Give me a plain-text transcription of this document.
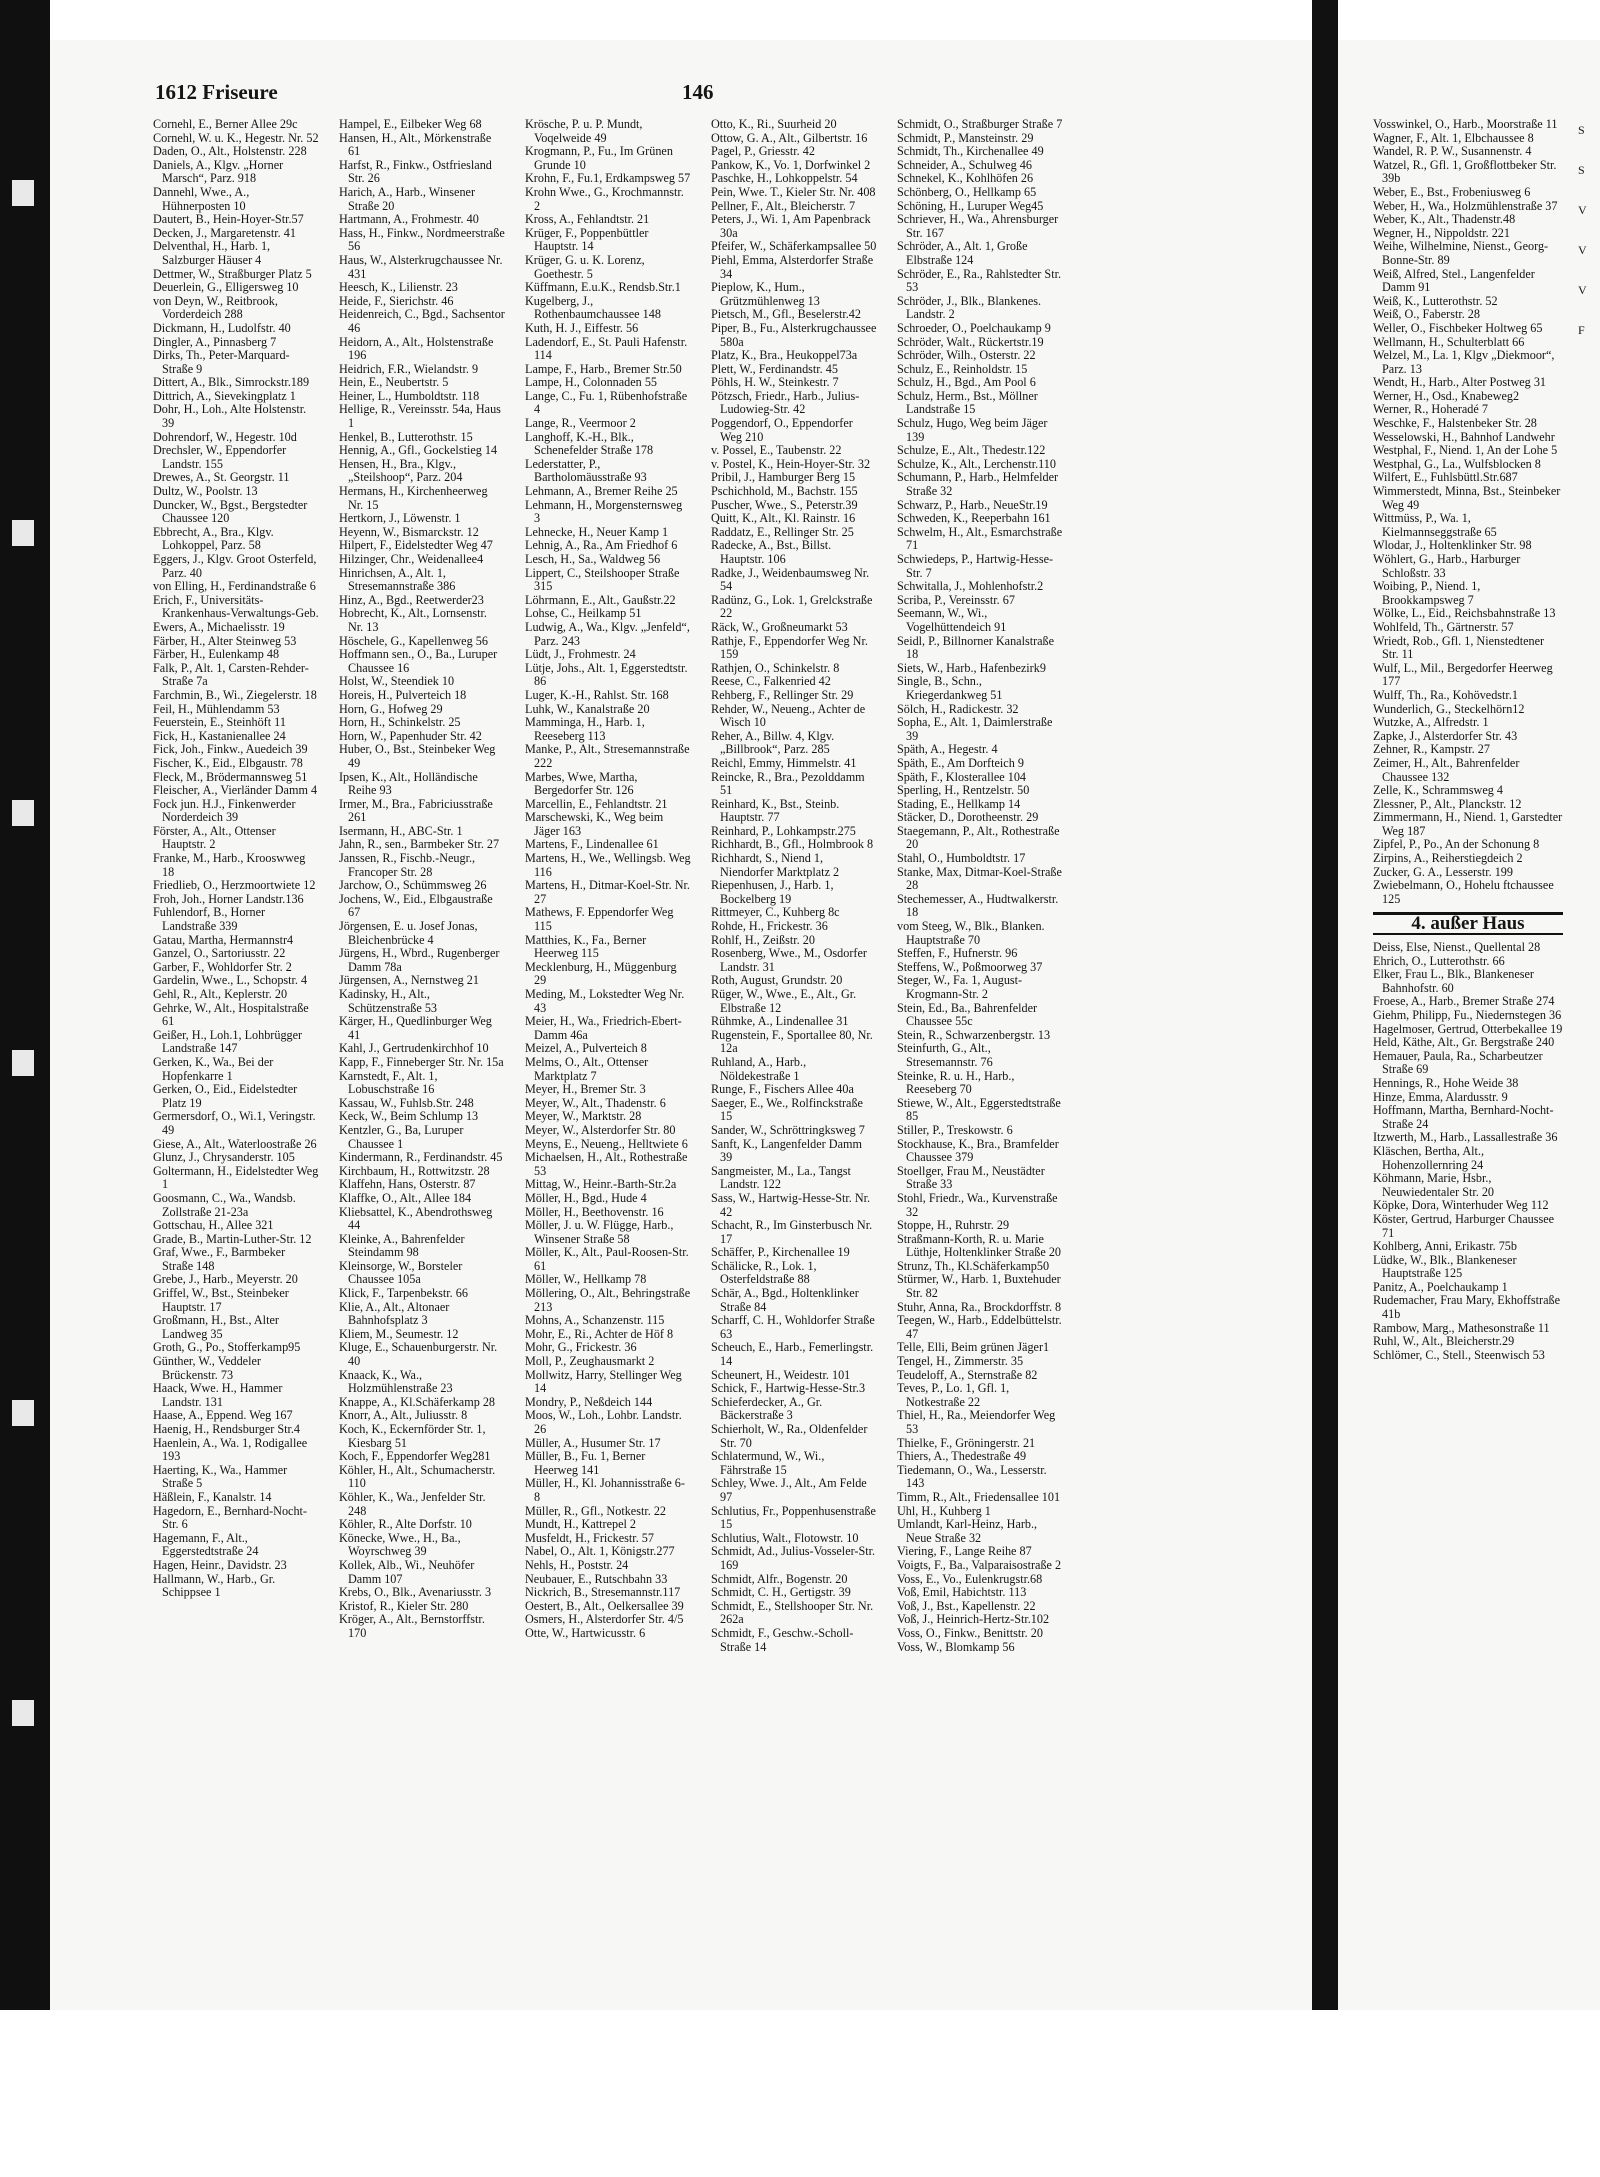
1612 Friseure	146
Cornehl, E., Berner Allee 29c
Cornehl, W. u. K., Hegestr. Nr. 52
Daden, O., Alt., Holstenstr. 228
Daniels, A., Klgv. „Horner Marsch“, Parz. 918
Dannehl, Wwe., A., Hühnerposten 10
Dautert, B., Hein-Hoyer-Str.57
Decken, J., Margaretenstr. 41
Delventhal, H., Harb. 1, Salzburger Häuser 4
Dettmer, W., Straßburger Platz 5
Deuerlein, G., Elligersweg 10
von Deyn, W., Reitbrook, Vorderdeich 288
Dickmann, H., Ludolfstr. 40
Dingler, A., Pinnasberg 7
Dirks, Th., Peter-Marquard-Straße 9
Dittert, A., Blk., Simrockstr.189
Dittrich, A., Sievekingplatz 1
Dohr, H., Loh., Alte Holstenstr. 39
Dohrendorf, W., Hegestr. 10d
Drechsler, W., Eppendorfer Landstr. 155
Drewes, A., St. Georgstr. 11
Dultz, W., Poolstr. 13
Duncker, W., Bgst., Bergstedter Chaussee 120
Ebbrecht, A., Bra., Klgv. Lohkoppel, Parz. 58
Eggers, J., Klgv. Groot Osterfeld, Parz. 40
von Elling, H., Ferdinandstraße 6
Erich, F., Universitäts-Krankenhaus-Verwaltungs-Geb.
Ewers, A., Michaelisstr. 19
Färber, H., Alter Steinweg 53
Färber, H., Eulenkamp 48
Falk, P., Alt. 1, Carsten-Rehder-Straße 7a
Farchmin, B., Wi., Ziegelerstr. 18
Feil, H., Mühlendamm 53
Feuerstein, E., Steinhöft 11
Fick, H., Kastanienallee 24
Fick, Joh., Finkw., Auedeich 39
Fischer, K., Eid., Elbgaustr. 78
Fleck, M., Brödermannsweg 51
Fleischer, A., Vierländer Damm 4
Fock jun. H.J., Finkenwerder Norderdeich 39
Förster, A., Alt., Ottenser Hauptstr. 2
Franke, M., Harb., Krooswweg 18
Friedlieb, O., Herzmoortwiete 12
Froh, Joh., Horner Landstr.136
Fuhlendorf, B., Horner Landstraße 339
Gatau, Martha, Hermannstr4
Ganzel, O., Sartoriusstr. 22
Garber, F., Wohldorfer Str. 2
Gardelin, Wwe., L., Schopstr. 4
Gehl, R., Alt., Keplerstr. 20
Gehrke, W., Alt., Hospitalstraße 61
Geißer, H., Loh.1, Lohbrügger Landstraße 147
Gerken, K., Wa., Bei der Hopfenkarre 1
Gerken, O., Eid., Eidelstedter Platz 19
Germersdorf, O., Wi.1, Veringstr. 49
Giese, A., Alt., Waterloostraße 26
Glunz, J., Chrysanderstr. 105
Goltermann, H., Eidelstedter Weg 1
Goosmann, C., Wa., Wandsb. Zollstraße 21-23a
Gottschau, H., Allee 321
Grade, B., Martin-Luther-Str. 12
Graf, Wwe., F., Barmbeker Straße 148
Grebe, J., Harb., Meyerstr. 20
Griffel, W., Bst., Steinbeker Hauptstr. 17
Großmann, H., Bst., Alter Landweg 35
Groth, G., Po., Stofferkamp95
Günther, W., Veddeler Brückenstr. 73
Haack, Wwe. H., Hammer Landstr. 131
Haase, A., Eppend. Weg 167
Haenig, H., Rendsburger Str.4
Haenlein, A., Wa. 1, Rodigallee 193
Haerting, K., Wa., Hammer Straße 5
Häßlein, F., Kanalstr. 14
Hagedorn, E., Bernhard-Nocht-Str. 6
Hagemann, F., Alt., Eggerstedtstraße 24
Hagen, Heinr., Davidstr. 23
Hallmann, W., Harb., Gr. Schippsee 1
Hampel, E., Eilbeker Weg 68
Hansen, H., Alt., Mörkenstraße 61
Harfst, R., Finkw., Ostfriesland Str. 26
Harich, A., Harb., Winsener Straße 20
Hartmann, A., Frohmestr. 40
Hass, H., Finkw., Nordmeerstraße 56
Haus, W., Alsterkrugchaussee Nr. 431
Heesch, K., Lilienstr. 23
Heide, F., Sierichstr. 46
Heidenreich, C., Bgd., Sachsentor 46
Heidorn, A., Alt., Holstenstraße 196
Heidrich, F.R., Wielandstr. 9
Hein, E., Neubertstr. 5
Heiner, L., Humboldtstr. 118
Hellige, R., Vereinsstr. 54a, Haus 1
Henkel, B., Lutterothstr. 15
Hennig, A., Gfl., Gockelstieg 14
Hensen, H., Bra., Klgv., „Steilshoop“, Parz. 204
Hermans, H., Kirchenheerweg Nr. 15
Hertkorn, J., Löwenstr. 1
Heyenn, W., Bismarckstr. 12
Hilpert, F., Eidelstedter Weg 47
Hilzinger, Chr., Weidenallee4
Hinrichsen, A., Alt. 1, Stresemannstraße 386
Hinz, A., Bgd., Reetwerder23
Hobrecht, K., Alt., Lornsenstr. Nr. 13
Höschele, G., Kapellenweg 56
Hoffmann sen., O., Ba., Luruper Chaussee 16
Holst, W., Steendiek 10
Horeis, H., Pulverteich 18
Horn, G., Hofweg 29
Horn, H., Schinkelstr. 25
Horn, W., Papenhuder Str. 42
Huber, O., Bst., Steinbeker Weg 49
Ipsen, K., Alt., Holländische Reihe 93
Irmer, M., Bra., Fabriciusstraße 261
Isermann, H., ABC-Str. 1
Jahn, R., sen., Barmbeker Str. 27
Janssen, R., Fischb.-Neugr., Francoper Str. 28
Jarchow, O., Schümmsweg 26
Jochens, W., Eid., Elbgaustraße 67
Jörgensen, E. u. Josef Jonas, Bleichenbrücke 4
Jürgens, H., Wbrd., Rugenberger Damm 78a
Jürgensen, A., Nernstweg 21
Kadinsky, H., Alt., Schützenstraße 53
Kärger, H., Quedlinburger Weg 41
Kahl, J., Gertrudenkirchhof 10
Kapp, F., Finneberger Str. Nr. 15a
Karnstedt, F., Alt. 1, Lobuschstraße 16
Kassau, W., Fuhlsb.Str. 248
Keck, W., Beim Schlump 13
Kentzler, G., Ba, Luruper Chaussee 1
Kindermann, R., Ferdinandstr. 45
Kirchbaum, H., Rottwitzstr. 28
Klaffehn, Hans, Osterstr. 87
Klaffke, O., Alt., Allee 184
Kliebsattel, K., Abendrothsweg 44
Kleinke, A., Bahrenfelder Steindamm 98
Kleinsorge, W., Borsteler Chaussee 105a
Klick, F., Tarpenbekstr. 66
Klie, A., Alt., Altonaer Bahnhofsplatz 3
Kliem, M., Seumestr. 12
Kluge, E., Schauenburgerstr. Nr. 40
Knaack, K., Wa., Holzmühlenstraße 23
Knappe, A., Kl.Schäferkamp 28
Knorr, A., Alt., Juliusstr. 8
Koch, K., Eckernförder Str. 1, Kiesbarg 51
Koch, F., Eppendorfer Weg281
Köhler, H., Alt., Schumacherstr. 110
Köhler, K., Wa., Jenfelder Str. 248
Köhler, R., Alte Dorfstr. 10
Könecke, Wwe., H., Ba., Woyrschweg 39
Kollek, Alb., Wi., Neuhöfer Damm 107
Krebs, O., Blk., Avenariusstr. 3
Kristof, R., Kieler Str. 280
Kröger, A., Alt., Bernstorffstr. 170
Krösche, P. u. P. Mundt, Voqelweide 49
Krogmann, P., Fu., Im Grünen Grunde 10
Krohn, F., Fu.1, Erdkampsweg 57
Krohn Wwe., G., Krochmannstr. 2
Kross, A., Fehlandtstr. 21
Krüger, F., Poppenbüttler Hauptstr. 14
Krüger, G. u. K. Lorenz, Goethestr. 5
Küffmann, E.u.K., Rendsb.Str.1
Kugelberg, J., Rothenbaumchaussee 148
Kuth, H. J., Eiffestr. 56
Ladendorf, E., St. Pauli Hafenstr. 114
Lampe, F., Harb., Bremer Str.50
Lampe, H., Colonnaden 55
Lange, C., Fu. 1, Rübenhofstraße 4
Lange, R., Veermoor 2
Langhoff, K.-H., Blk., Schenefelder Straße 178
Lederstatter, P., Bartholomäusstraße 93
Lehmann, A., Bremer Reihe 25
Lehmann, H., Morgensternsweg 3
Lehnecke, H., Neuer Kamp 1
Lehnig, A., Ra., Am Friedhof 6
Lesch, H., Sa., Waldweg 56
Lippert, C., Steilshooper Straße 315
Löhrmann, E., Alt., Gaußstr.22
Lohse, C., Heilkamp 51
Ludwig, A., Wa., Klgv. „Jenfeld“, Parz. 243
Lüdt, J., Frohmestr. 24
Lütje, Johs., Alt. 1, Eggerstedtstr. 86
Luger, K.-H., Rahlst. Str. 168
Luhk, W., Kanalstraße 20
Mamminga, H., Harb. 1, Reeseberg 113
Manke, P., Alt., Stresemannstraße 222
Marbes, Wwe, Martha, Bergedorfer Str. 126
Marcellin, E., Fehlandtstr. 21
Marschewski, K., Weg beim Jäger 163
Martens, F., Lindenallee 61
Martens, H., We., Wellingsb. Weg 116
Martens, H., Ditmar-Koel-Str. Nr. 27
Mathews, F. Eppendorfer Weg 115
Matthies, K., Fa., Berner Heerweg 115
Mecklenburg, H., Müggenburg 29
Meding, M., Lokstedter Weg Nr. 43
Meier, H., Wa., Friedrich-Ebert-Damm 46a
Meizel, A., Pulverteich 8
Melms, O., Alt., Ottenser Marktplatz 7
Meyer, H., Bremer Str. 3
Meyer, W., Alt., Thadenstr. 6
Meyer, W., Marktstr. 28
Meyer, W., Alsterdorfer Str. 80
Meyns, E., Neueng., Helltwiete 6
Michaelsen, H., Alt., Rothestraße 53
Mittag, W., Heinr.-Barth-Str.2a
Möller, H., Bgd., Hude 4
Möller, H., Beethovenstr. 16
Möller, J. u. W. Flügge, Harb., Winsener Straße 58
Möller, K., Alt., Paul-Roosen-Str. 61
Möller, W., Hellkamp 78
Möllering, O., Alt., Behringstraße 213
Mohns, A., Schanzenstr. 115
Mohr, E., Ri., Achter de Höf 8
Mohr, G., Frickestr. 36
Moll, P., Zeughausmarkt 2
Mollwitz, Harry, Stellinger Weg 14
Mondry, P., Neßdeich 144
Moos, W., Loh., Lohbr. Landstr. 26
Müller, A., Husumer Str. 17
Müller, B., Fu. 1, Berner Heerweg 141
Müller, H., Kl. Johannisstraße 6-8
Müller, R., Gfl., Notkestr. 22
Mundt, H., Kattrepel 2
Musfeldt, H., Frickestr. 57
Nabel, O., Alt. 1, Königstr.277
Nehls, H., Poststr. 24
Neubauer, E., Rutschbahn 33
Nickrich, B., Stresemannstr.117
Oestert, B., Alt., Oelkersallee 39
Osmers, H., Alsterdorfer Str. 4/5
Otte, W., Hartwicusstr. 6
Otto, K., Ri., Suurheid 20
Ottow, G. A., Alt., Gilbertstr. 16
Pagel, P., Griesstr. 42
Pankow, K., Vo. 1, Dorfwinkel 2
Paschke, H., Lohkoppelstr. 54
Pein, Wwe. T., Kieler Str. Nr. 408
Pellner, F., Alt., Bleicherstr. 7
Peters, J., Wi. 1, Am Papenbrack 30a
Pfeifer, W., Schäferkampsallee 50
Piehl, Emma, Alsterdorfer Straße 34
Pieplow, K., Hum., Grützmühlenweg 13
Pietsch, M., Gfl., Beselerstr.42
Piper, B., Fu., Alsterkrugchaussee 580a
Platz, K., Bra., Heukoppel73a
Plett, W., Ferdinandstr. 45
Pöhls, H. W., Steinkestr. 7
Pötzsch, Friedr., Harb., Julius-Ludowieg-Str. 42
Poggendorf, O., Eppendorfer Weg 210
v. Possel, E., Taubenstr. 22
v. Postel, K., Hein-Hoyer-Str. 32
Pribil, J., Hamburger Berg 15
Pschichhold, M., Bachstr. 155
Puscher, Wwe., S., Peterstr.39
Quitt, K., Alt., Kl. Rainstr. 16
Raddatz, E., Rellinger Str. 25
Radecke, A., Bst., Billst. Hauptstr. 106
Radke, J., Weidenbaumsweg Nr. 54
Radünz, G., Lok. 1, Grelckstraße 22
Räck, W., Großneumarkt 53
Rathje, F., Eppendorfer Weg Nr. 159
Rathjen, O., Schinkelstr. 8
Reese, C., Falkenried 42
Rehberg, F., Rellinger Str. 29
Rehder, W., Neueng., Achter de Wisch 10
Reher, A., Billw. 4, Klgv. „Billbrook“, Parz. 285
Reichl, Emmy, Himmelstr. 41
Reincke, R., Bra., Pezolddamm 51
Reinhard, K., Bst., Steinb. Hauptstr. 77
Reinhard, P., Lohkampstr.275
Richhardt, B., Gfl., Holmbrook 8
Richhardt, S., Niend 1, Niendorfer Marktplatz 2
Riepenhusen, J., Harb. 1, Bockelberg 19
Rittmeyer, C., Kuhberg 8c
Rohde, H., Frickestr. 36
Rohlf, H., Zeißstr. 20
Rosenberg, Wwe., M., Osdorfer Landstr. 31
Roth, August, Grundstr. 20
Rüger, W., Wwe., E., Alt., Gr. Elbstraße 12
Rühmke, A., Lindenallee 31
Rugenstein, F., Sportallee 80, Nr. 12a
Ruhland, A., Harb., Nöldekestraße 1
Runge, F., Fischers Allee 40a
Saeger, E., We., Rolfinckstraße 15
Sander, W., Schröttringksweg 7
Sanft, K., Langenfelder Damm 39
Sangmeister, M., La., Tangst Landstr. 122
Sass, W., Hartwig-Hesse-Str. Nr. 42
Schacht, R., Im Ginsterbusch Nr. 17
Schäffer, P., Kirchenallee 19
Schälicke, R., Lok. 1, Osterfeldstraße 88
Schär, A., Bgd., Holtenklinker Straße 84
Scharff, C. H., Wohldorfer Straße 63
Scheuch, E., Harb., Femerlingstr. 14
Scheunert, H., Weidestr. 101
Schick, F., Hartwig-Hesse-Str.3
Schieferdecker, A., Gr. Bäckerstraße 3
Schierholt, W., Ra., Oldenfelder Str. 70
Schlatermund, W., Wi., Fährstraße 15
Schley, Wwe. J., Alt., Am Felde 97
Schlutius, Fr., Poppenhusenstraße 15
Schlutius, Walt., Flotowstr. 10
Schmidt, Ad., Julius-Vosseler-Str. 169
Schmidt, Alfr., Bogenstr. 20
Schmidt, C. H., Gertigstr. 39
Schmidt, E., Stellshooper Str. Nr. 262a
Schmidt, F., Geschw.-Scholl-Straße 14
Schmidt, O., Straßburger Straße 7
Schmidt, P., Mansteinstr. 29
Schmidt, Th., Kirchenallee 49
Schneider, A., Schulweg 46
Schnekel, K., Kohlhöfen 26
Schönberg, O., Hellkamp 65
Schöning, H., Luruper Weg45
Schriever, H., Wa., Ahrensburger Str. 167
Schröder, A., Alt. 1, Große Elbstraße 124
Schröder, E., Ra., Rahlstedter Str. 53
Schröder, J., Blk., Blankenes. Landstr. 2
Schroeder, O., Poelchaukamp 9
Schröder, Walt., Rückertstr.19
Schröder, Wilh., Osterstr. 22
Schulz, E., Reinholdstr. 15
Schulz, H., Bgd., Am Pool 6
Schulz, Herm., Bst., Möllner Landstraße 15
Schulz, Hugo, Weg beim Jäger 139
Schulze, E., Alt., Thedestr.122
Schulze, K., Alt., Lerchenstr.110
Schumann, P., Harb., Helmfelder Straße 32
Schwarz, P., Harb., NeueStr.19
Schweden, K., Reeperbahn 161
Schwelm, H., Alt., Esmarchstraße 71
Schwiedeps, P., Hartwig-Hesse-Str. 7
Schwitalla, J., Mohlenhofstr.2
Scriba, P., Vereinsstr. 67
Seemann, W., Wi., Vogelhüttendeich 91
Seidl, P., Billnorner Kanalstraße 18
Siets, W., Harb., Hafenbezirk9
Single, B., Schn., Kriegerdankweg 51
Sölch, H., Radickestr. 32
Sopha, E., Alt. 1, Daimlerstraße 39
Späth, A., Hegestr. 4
Späth, E., Am Dorfteich 9
Späth, F., Klosterallee 104
Sperling, H., Rentzelstr. 50
Stading, E., Hellkamp 14
Stäcker, D., Dorotheenstr. 29
Staegemann, P., Alt., Rothestraße 20
Stahl, O., Humboldtstr. 17
Stanke, Max, Ditmar-Koel-Straße 28
Stechemesser, A., Hudtwalkerstr. 18
vom Steeg, W., Blk., Blanken. Hauptstraße 70
Steffen, F., Hufnerstr. 96
Steffens, W., Poßmoorweg 37
Steger, W., Fa. 1, August-Krogmann-Str. 2
Stein, Ed., Ba., Bahrenfelder Chaussee 55c
Stein, R., Schwarzenbergstr. 13
Steinfurth, G., Alt., Stresemannstr. 76
Steinke, R. u. H., Harb., Reeseberg 70
Stiewe, W., Alt., Eggerstedtstraße 85
Stiller, P., Treskowstr. 6
Stockhause, K., Bra., Bramfelder Chaussee 379
Stoellger, Frau M., Neustädter Straße 33
Stohl, Friedr., Wa., Kurvenstraße 32
Stoppe, H., Ruhrstr. 29
Straßmann-Korth, R. u. Marie Lüthje, Holtenklinker Straße 20
Strunz, Th., Kl.Schäferkamp50
Stürmer, W., Harb. 1, Buxtehuder Str. 82
Stuhr, Anna, Ra., Brockdorffstr. 8
Teegen, W., Harb., Eddelbüttelstr. 47
Telle, Elli, Beim grünen Jäger1
Tengel, H., Zimmerstr. 35
Teudeloff, A., Sternstraße 82
Teves, P., Lo. 1, Gfl. 1, Notkestraße 22
Thiel, H., Ra., Meiendorfer Weg 53
Thielke, F., Gröningerstr. 21
Thiers, A., Thedestraße 49
Tiedemann, O., Wa., Lesserstr. 143
Timm, R., Alt., Friedensallee 101
Uhl, H., Kuhberg 1
Umlandt, Karl-Heinz, Harb., Neue Straße 32
Viering, F., Lange Reihe 87
Voigts, F., Ba., Valparaisostraße 2
Voss, E., Vo., Eulenkrugstr.68
Voß, Emil, Habichtstr. 113
Voß, J., Bst., Kapellenstr. 22
Voß, J., Heinrich-Hertz-Str.102
Voss, O., Finkw., Benittstr. 20
Voss, W., Blomkamp 56
Vosswinkel, O., Harb., Moorstraße 11
Wagner, F., Alt. 1, Elbchaussee 8
Wandel, R. P. W., Susannenstr. 4
Watzel, R., Gfl. 1, Großflottbeker Str. 39b
Weber, E., Bst., Frobeniusweg 6
Weber, H., Wa., Holzmühlenstraße 37
Weber, K., Alt., Thadenstr.48
Wegner, H., Nippoldstr. 221
Weihe, Wilhelmine, Nienst., Georg-Bonne-Str. 89
Weiß, Alfred, Stel., Langenfelder Damm 91
Weiß, K., Lutterothstr. 52
Weiß, O., Faberstr. 28
Weller, O., Fischbeker Holtweg 65
Wellmann, H., Schulterblatt 66
Welzel, M., La. 1, Klgv „Diekmoor“, Parz. 13
Wendt, H., Harb., Alter Postweg 31
Werner, H., Osd., Knabeweg2
Werner, R., Hoheradé 7
Weschke, F., Halstenbeker Str. 28
Wesselowski, H., Bahnhof Landwehr
Westphal, F., Niend. 1, An der Lohe 5
Westphal, G., La., Wulfsblocken 8
Wilfert, E., Fuhlsbüttl.Str.687
Wimmerstedt, Minna, Bst., Steinbeker Weg 49
Wittmüss, P., Wa. 1, Kielmannseggstraße 65
Wlodar, J., Holtenklinker Str. 98
Wöhlert, G., Harb., Harburger Schloßstr. 33
Woibing, P., Niend. 1, Brookkampsweg 7
Wölke, L., Eid., Reichsbahnstraße 13
Wohlfeld, Th., Gärtnerstr. 57
Wriedt, Rob., Gfl. 1, Nienstedtener Str. 11
Wulf, L., Mil., Bergedorfer Heerweg 177
Wulff, Th., Ra., Kohövedstr.1
Wunderlich, G., Steckelhörn12
Wutzke, A., Alfredstr. 1
Zapke, J., Alsterdorfer Str. 43
Zehner, R., Kampstr. 27
Zeimer, H., Alt., Bahrenfelder Chaussee 132
Zelle, K., Schrammsweg 4
Zlessner, P., Alt., Planckstr. 12
Zimmermann, H., Niend. 1, Garstedter Weg 187
Zipfel, P., Po., An der Schonung 8
Zirpins, A., Reiherstiegdeich 2
Zucker, G. A., Lesserstr. 199
Zwiebelmann, O., Hohelu ftchaussee 125
4. außer Haus
Deiss, Else, Nienst., Quellental 28
Ehrich, O., Lutterothstr. 66
Elker, Frau L., Blk., Blankeneser Bahnhofstr. 60
Froese, A., Harb., Bremer Straße 274
Giehm, Philipp, Fu., Niedernstegen 36
Hagelmoser, Gertrud, Otterbekallee 19
Held, Käthe, Alt., Gr. Bergstraße 240
Hemauer, Paula, Ra., Scharbeutzer Straße 69
Hennings, R., Hohe Weide 38
Hinze, Emma, Alardusstr. 9
Hoffmann, Martha, Bernhard-Nocht-Straße 24
Itzwerth, M., Harb., Lassallestraße 36
Kläschen, Bertha, Alt., Hohenzollernring 24
Köhmann, Marie, Hsbr., Neuwiedentaler Str. 20
Köpke, Dora, Winterhuder Weg 112
Köster, Gertrud, Harburger Chaussee 71
Kohlberg, Anni, Erikastr. 75b
Lüdke, W., Blk., Blankeneser Hauptstraße 125
Panitz, A., Poelchaukamp 1
Rudemacher, Frau Mary, Ekhoffstraße 41b
Rambow, Marg., Mathesonstraße 11
Ruhl, W., Alt., Bleicherstr.29
Schlömer, C., Stell., Steenwisch 53
S
S
V
V
V
F
